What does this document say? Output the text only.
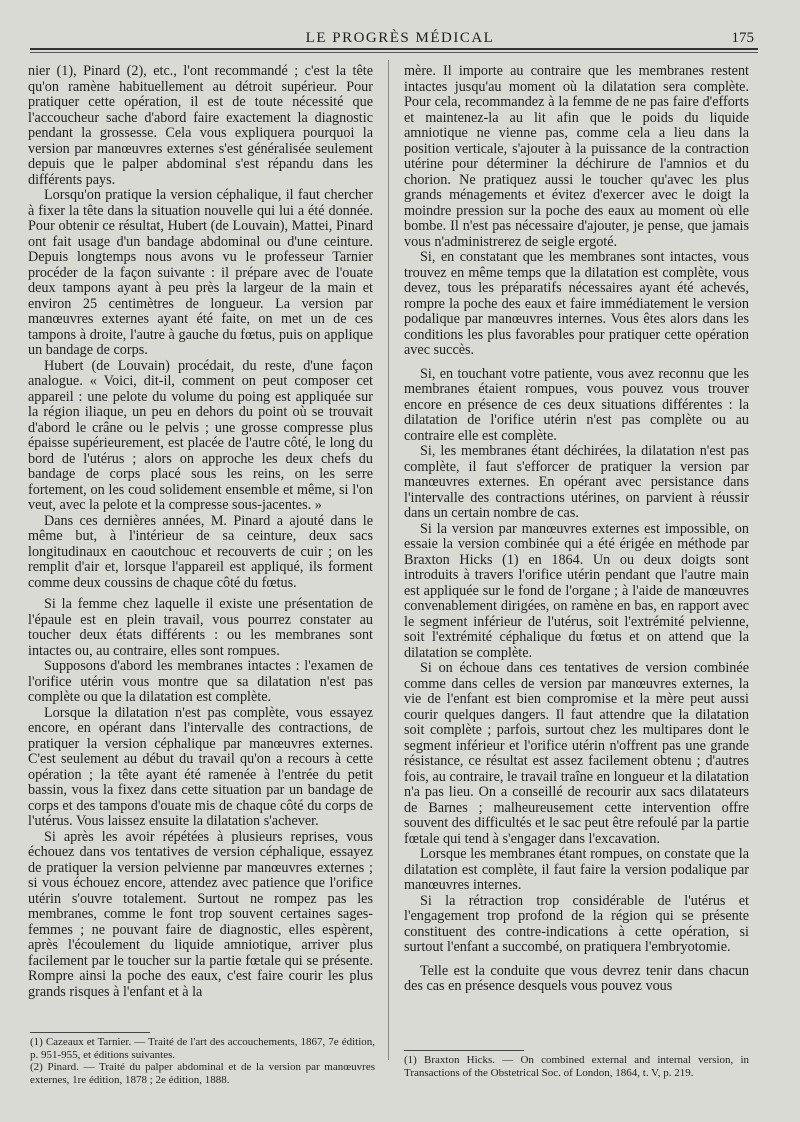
LE PROGRÈS MÉDICAL	175

nier (1), Pinard (2), etc., l'ont recommandé ; c'est la tête qu'on ramène habituellement au détroit supérieur. Pour pratiquer cette opération, il est de toute nécessité que l'accoucheur sache d'abord faire exactement la diagnostic pendant la grossesse. Cela vous expliquera pourquoi la version par manœuvres externes s'est généralisée seulement depuis que le palper abdominal s'est répandu dans les différents pays.

Lorsqu'on pratique la version céphalique, il faut chercher à fixer la tête dans la situation nouvelle qui lui a été donnée. Pour obtenir ce résultat, Hubert (de Louvain), Mattei, Pinard ont fait usage d'un bandage abdominal ou d'une ceinture. Depuis longtemps nous avons vu le professeur Tarnier procéder de la façon suivante : il prépare avec de l'ouate deux tampons ayant à peu près la largeur de la main et environ 25 centimètres de longueur. La version par manœuvres externes ayant été faite, on met un de ces tampons à droite, l'autre à gauche du fœtus, puis on applique un bandage de corps.

Hubert (de Louvain) procédait, du reste, d'une façon analogue. « Voici, dit-il, comment on peut composer cet appareil : une pelote du volume du poing est appliquée sur la région iliaque, un peu en dehors du point où se trouvait d'abord le crâne ou le pelvis ; une grosse compresse plus épaisse supérieurement, est placée de l'autre côté, le long du bord de l'utérus ; alors on approche les deux chefs du bandage de corps placé sous les reins, on les serre fortement, on les coud solidement ensemble et même, si l'on veut, avec la pelote et la compresse sous-jacentes. »

Dans ces dernières années, M. Pinard a ajouté dans le même but, à l'intérieur de sa ceinture, deux sacs longitudinaux en caoutchouc et recouverts de cuir ; on les remplit d'air et, lorsque l'appareil est appliqué, ils forment comme deux coussins de chaque côté du fœtus.

Si la femme chez laquelle il existe une présentation de l'épaule est en plein travail, vous pourrez constater au toucher deux états différents : ou les membranes sont intactes ou, au contraire, elles sont rompues.

Supposons d'abord les membranes intactes : l'examen de l'orifice utérin vous montre que sa dilatation n'est pas complète ou que la dilatation est complète.

Lorsque la dilatation n'est pas complète, vous essayez encore, en opérant dans l'intervalle des contractions, de pratiquer la version céphalique par manœuvres externes. C'est seulement au début du travail qu'on a recours à cette opération ; la tête ayant été ramenée à l'entrée du petit bassin, vous la fixez dans cette situation par un bandage de corps et des tampons d'ouate mis de chaque côté du corps de l'utérus. Vous laissez ensuite la dilatation s'achever.

Si après les avoir répétées à plusieurs reprises, vous échouez dans vos tentatives de version céphalique, essayez de pratiquer la version pelvienne par manœuvres externes ; si vous échouez encore, attendez avec patience que l'orifice utérin s'ouvre totalement. Surtout ne rompez pas les membranes, comme le font trop souvent certaines sages-femmes ; ne pouvant faire de diagnostic, elles espèrent, après l'écoulement du liquide amniotique, arriver plus facilement par le toucher sur la partie fœtale qui se présente. Rompre ainsi la poche des eaux, c'est faire courir les plus grands risques à l'enfant et à la

(1) Cazeaux et Tarnier. — Traité de l'art des accouchements, 1867, 7e édition, p. 951-955, et éditions suivantes.
(2) Pinard. — Traité du palper abdominal et de la version par manœuvres externes, 1re édition, 1878 ; 2e édition, 1888.

mère. Il importe au contraire que les membranes restent intactes jusqu'au moment où la dilatation sera complète. Pour cela, recommandez à la femme de ne pas faire d'efforts et maintenez-la au lit afin que le poids du liquide amniotique ne vienne pas, comme cela a lieu dans la position verticale, s'ajouter à la puissance de la contraction utérine pour déterminer la déchirure de l'amnios et du chorion. Ne pratiquez aussi le toucher qu'avec les plus grands ménagements et évitez d'exercer avec le doigt la moindre pression sur la poche des eaux au moment où elle bombe. Il n'est pas nécessaire d'ajouter, je pense, que jamais vous n'administrerez de seigle ergoté.

Si, en constatant que les membranes sont intactes, vous trouvez en même temps que la dilatation est complète, vous devez, tous les préparatifs nécessaires ayant été achevés, rompre la poche des eaux et faire immédiatement le version podalique par manœuvres internes. Vous êtes alors dans les conditions les plus favorables pour pratiquer cette opération avec succès.

Si, en touchant votre patiente, vous avez reconnu que les membranes étaient rompues, vous pouvez vous trouver encore en présence de ces deux situations différentes : la dilatation de l'orifice utérin n'est pas complète ou au contraire elle est complète.

Si, les membranes étant déchirées, la dilatation n'est pas complète, il faut s'efforcer de pratiquer la version par manœuvres externes. En opérant avec persistance dans l'intervalle des contractions utérines, on parvient à réussir dans un certain nombre de cas.

Si la version par manœuvres externes est impossible, on essaie la version combinée qui a été érigée en méthode par Braxton Hicks (1) en 1864. Un ou deux doigts sont introduits à travers l'orifice utérin pendant que l'autre main est appliquée sur le fond de l'organe ; à l'aide de manœuvres convenablement dirigées, on ramène en bas, en rapport avec le segment inférieur de l'utérus, soit l'extrémité pelvienne, soit l'extrémité céphalique du fœtus et on attend que la dilatation se complète.

Si on échoue dans ces tentatives de version combinée comme dans celles de version par manœuvres externes, la vie de l'enfant est bien compromise et la mère peut aussi courir quelques dangers. Il faut attendre que la dilatation soit complète ; parfois, surtout chez les multipares dont le segment inférieur et l'orifice utérin n'offrent pas une grande résistance, ce résultat est assez facilement obtenu ; d'autres fois, au contraire, le travail traîne en longueur et la dilatation n'a pas lieu. On a conseillé de recourir aux sacs dilatateurs de Barnes ; malheureusement cette intervention offre souvent des difficultés et le sac peut être refoulé par la partie fœtale qui tend à s'engager dans l'excavation.

Lorsque les membranes étant rompues, on constate que la dilatation est complète, il faut faire la version podalique par manœuvres internes.

Si la rétraction trop considérable de l'utérus et l'engagement trop profond de la région qui se présente constituent des contre-indications à cette opération, si surtout l'enfant a succombé, on pratiquera l'embryotomie.

Telle est la conduite que vous devrez tenir dans chacun des cas en présence desquels vous pouvez vous

(1) Braxton Hicks. — On combined external and internal version, in Transactions of the Obstetrical Soc. of London, 1864, t. V, p. 219.
